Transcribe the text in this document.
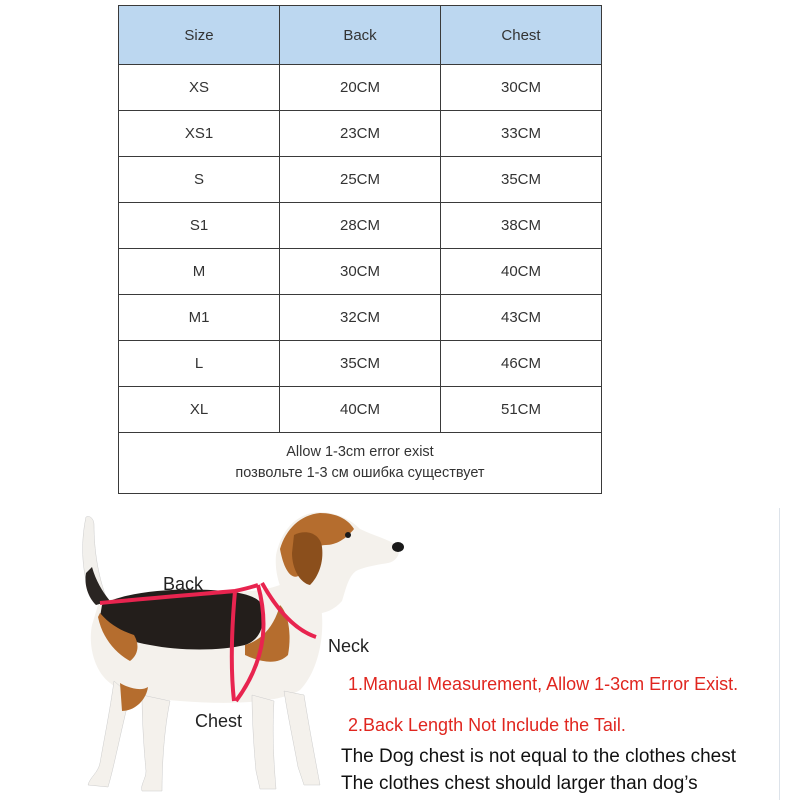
Size	Back	Chest
XS	20CM	30CM
XS1	23CM	33CM
S	25CM	35CM
S1	28CM	38CM
M	30CM	40CM
M1	32CM	43CM
L	35CM	46CM
XL	40CM	51CM

Allow 1-3cm error exist
позвольте 1-3 см ошибка существует		
Back
Neck
Chest
1.Manual Measurement, Allow 1-3cm Error Exist.
2.Back Length Not Include the Tail.
The Dog chest is not equal to the clothes chest
The clothes chest should larger than dog’s
